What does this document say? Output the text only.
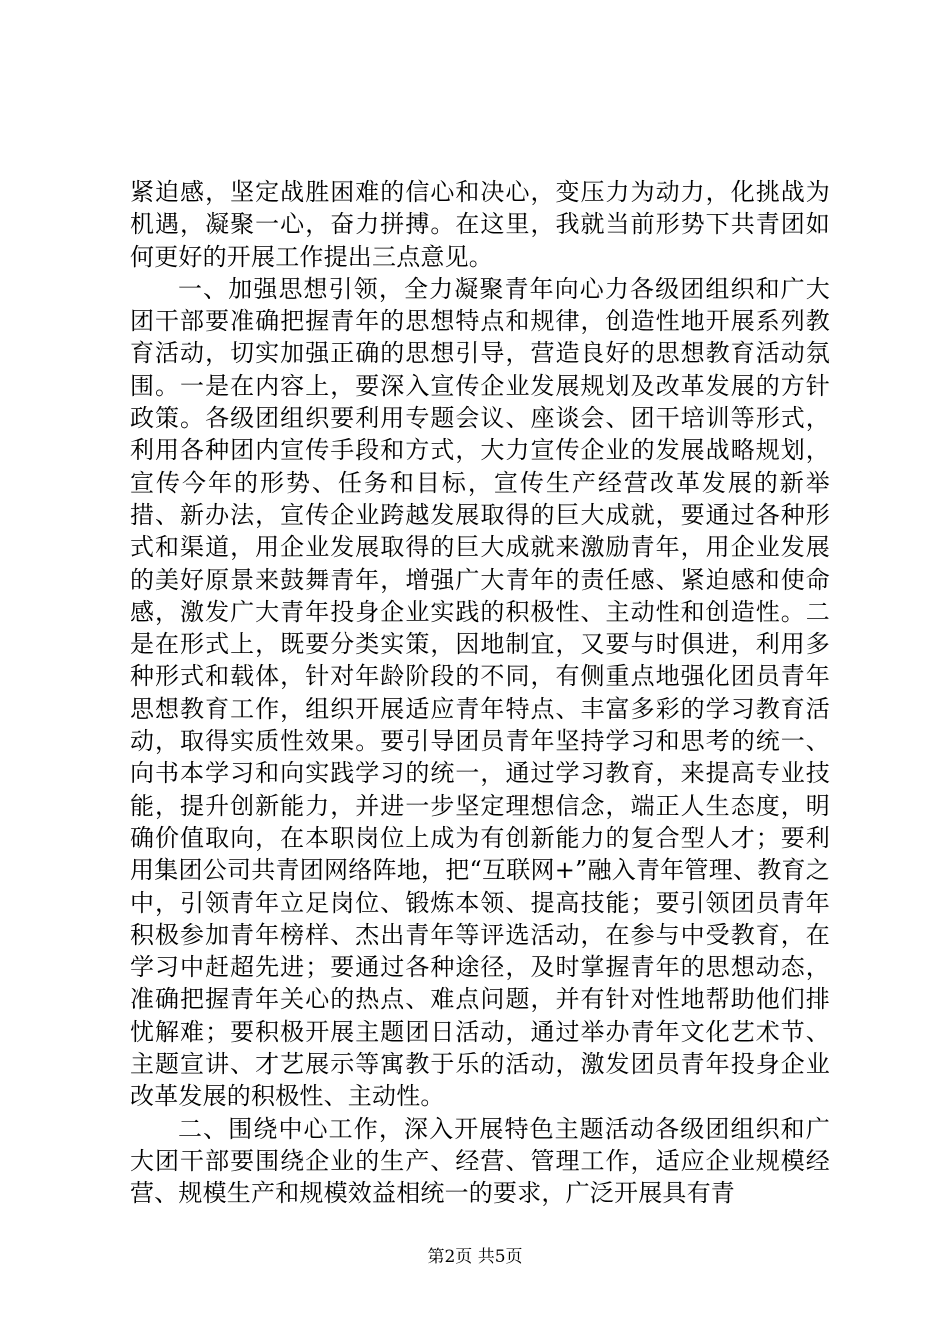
紧迫感，坚定战胜困难的信心和决心，变压力为动力，化挑战为机遇，凝聚一心，奋力拼搏。在这里，我就当前形势下共青团如何更好的开展工作提出三点意见。

一、加强思想引领，全力凝聚青年向心力各级团组织和广大团干部要准确把握青年的思想特点和规律，创造性地开展系列教育活动，切实加强正确的思想引导，营造良好的思想教育活动氛围。一是在内容上，要深入宣传企业发展规划及改革发展的方针政策。各级团组织要利用专题会议、座谈会、团干培训等形式，利用各种团内宣传手段和方式，大力宣传企业的发展战略规划，宣传今年的形势、任务和目标，宣传生产经营改革发展的新举措、新办法，宣传企业跨越发展取得的巨大成就，要通过各种形式和渠道，用企业发展取得的巨大成就来激励青年，用企业发展的美好原景来鼓舞青年，增强广大青年的责任感、紧迫感和使命感，激发广大青年投身企业实践的积极性、主动性和创造性。二是在形式上，既要分类实策，因地制宜，又要与时俱进，利用多种形式和载体，针对年龄阶段的不同，有侧重点地强化团员青年思想教育工作，组织开展适应青年特点、丰富多彩的学习教育活动，取得实质性效果。要引导团员青年坚持学习和思考的统一、向书本学习和向实践学习的统一，通过学习教育，来提高专业技能，提升创新能力，并进一步坚定理想信念，端正人生态度，明确价值取向，在本职岗位上成为有创新能力的复合型人才；要利用集团公司共青团网络阵地，把“互联网+”融入青年管理、教育之中，引领青年立足岗位、锻炼本领、提高技能；要引领团员青年积极参加青年榜样、杰出青年等评选活动，在参与中受教育，在学习中赶超先进；要通过各种途径，及时掌握青年的思想动态，准确把握青年关心的热点、难点问题，并有针对性地帮助他们排忧解难；要积极开展主题团日活动，通过举办青年文化艺术节、主题宣讲、才艺展示等寓教于乐的活动，激发团员青年投身企业改革发展的积极性、主动性。

二、围绕中心工作，深入开展特色主题活动各级团组织和广大团干部要围绕企业的生产、经营、管理工作，适应企业规模经营、规模生产和规模效益相统一的要求，广泛开展具有青

第2页 共5页
